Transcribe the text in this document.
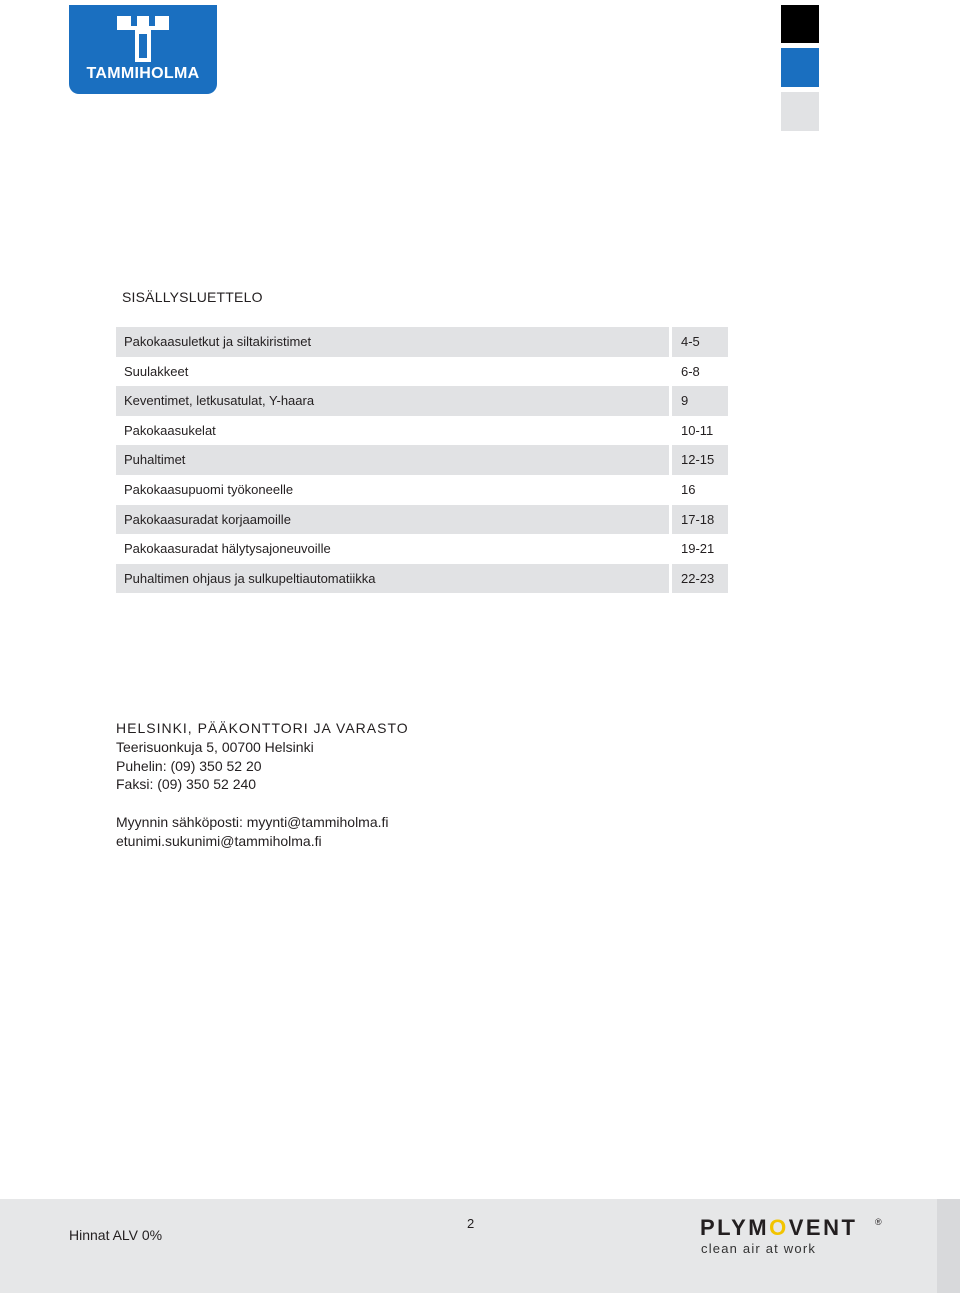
TAMMIHOLMA
SISÄLLYSLUETTELO
Pakokaasuletkut ja siltakiristimet	4-5
Suulakkeet	6-8
Keventimet, letkusatulat, Y-haara	9
Pakokaasukelat	10-11
Puhaltimet	12-15
Pakokaasupuomi työkoneelle	16
Pakokaasuradat korjaamoille	17-18
Pakokaasuradat hälytysajoneuvoille	19-21
Puhaltimen ohjaus ja sulkupeltiautomatiikka	22-23
HELSINKI, PÄÄKONTTORI JA VARASTO
Teerisuonkuja 5, 00700 Helsinki
Puhelin: (09) 350 52 20
Faksi: (09) 350 52 240
Myynnin sähköposti: myynti@tammiholma.fi
etunimi.sukunimi@tammiholma.fi
Hinnat ALV 0%
2	PLYMOVENT ®
clean air at work
